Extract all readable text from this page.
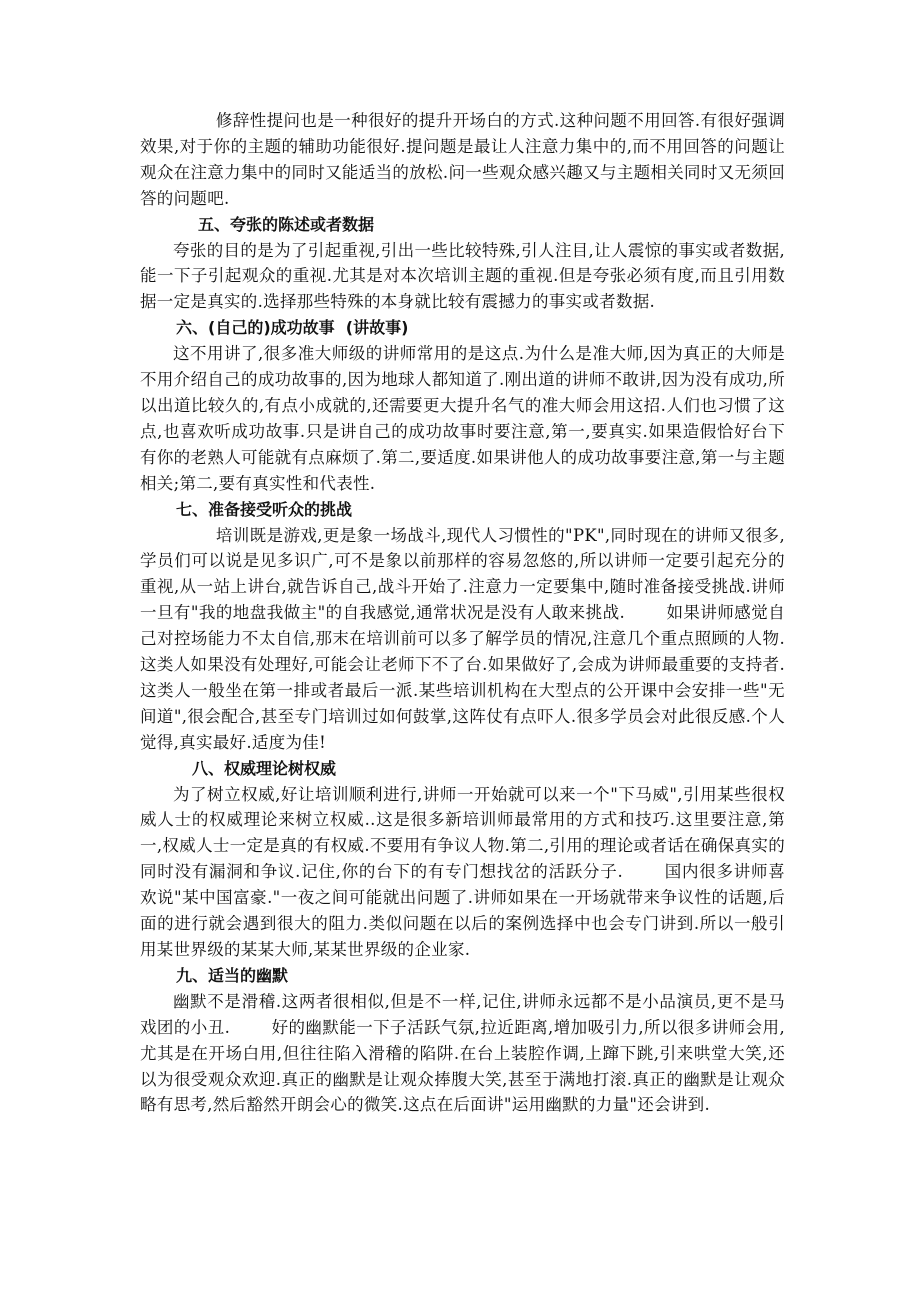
修辞性提问也是一种很好的提升开场白的方式.这种问题不用回答.有很好强调效果,对于你的主题的辅助功能很好.提问题是最让人注意力集中的,而不用回答的问题让观众在注意力集中的同时又能适当的放松.问一些观众感兴趣又与主题相关同时又无须回答的问题吧.

五、夸张的陈述或者数据

夸张的目的是为了引起重视,引出一些比较特殊,引人注目,让人震惊的事实或者数据,能一下子引起观众的重视.尤其是对本次培训主题的重视.但是夸张必须有度,而且引用数据一定是真实的.选择那些特殊的本身就比较有震撼力的事实或者数据.

六、(自己的)成功故事  (讲故事)

这不用讲了,很多准大师级的讲师常用的是这点.为什么是准大师,因为真正的大师是不用介绍自己的成功故事的,因为地球人都知道了.刚出道的讲师不敢讲,因为没有成功,所以出道比较久的,有点小成就的,还需要更大提升名气的准大师会用这招.人们也习惯了这点,也喜欢听成功故事.只是讲自己的成功故事时要注意,第一,要真实.如果造假恰好台下有你的老熟人可能就有点麻烦了.第二,要适度.如果讲他人的成功故事要注意,第一与主题相关;第二,要有真实性和代表性.

七、准备接受听众的挑战

培训既是游戏,更是象一场战斗,现代人习惯性的"PK",同时现在的讲师又很多,学员们可以说是见多识广,可不是象以前那样的容易忽悠的,所以讲师一定要引起充分的重视,从一站上讲台,就告诉自己,战斗开始了.注意力一定要集中,随时准备接受挑战.讲师一旦有"我的地盘我做主"的自我感觉,通常状况是没有人敢来挑战.	如果讲师感觉自己对控场能力不太自信,那末在培训前可以多了解学员的情况,注意几个重点照顾的人物.这类人如果没有处理好,可能会让老师下不了台.如果做好了,会成为讲师最重要的支持者.这类人一般坐在第一排或者最后一派.某些培训机构在大型点的公开课中会安排一些"无间道",很会配合,甚至专门培训过如何鼓掌,这阵仗有点吓人.很多学员会对此很反感.个人觉得,真实最好.适度为佳!

八、权威理论树权威

为了树立权威,好让培训顺利进行,讲师一开始就可以来一个"下马威",引用某些很权威人士的权威理论来树立权威..这是很多新培训师最常用的方式和技巧.这里要注意,第一,权威人士一定是真的有权威.不要用有争议人物.第二,引用的理论或者话在确保真实的同时没有漏洞和争议.记住,你的台下的有专门想找岔的活跃分子.	国内很多讲师喜欢说"某中国富豪."一夜之间可能就出问题了.讲师如果在一开场就带来争议性的话题,后面的进行就会遇到很大的阻力.类似问题在以后的案例选择中也会专门讲到.所以一般引用某世界级的某某大师,某某世界级的企业家.

九、适当的幽默

幽默不是滑稽.这两者很相似,但是不一样,记住,讲师永远都不是小品演员,更不是马戏团的小丑.	好的幽默能一下子活跃气氛,拉近距离,增加吸引力,所以很多讲师会用,尤其是在开场白用,但往往陷入滑稽的陷阱.在台上装腔作调,上蹿下跳,引来哄堂大笑,还以为很受观众欢迎.真正的幽默是让观众捧腹大笑,甚至于满地打滚.真正的幽默是让观众略有思考,然后豁然开朗会心的微笑.这点在后面讲"运用幽默的力量"还会讲到.
